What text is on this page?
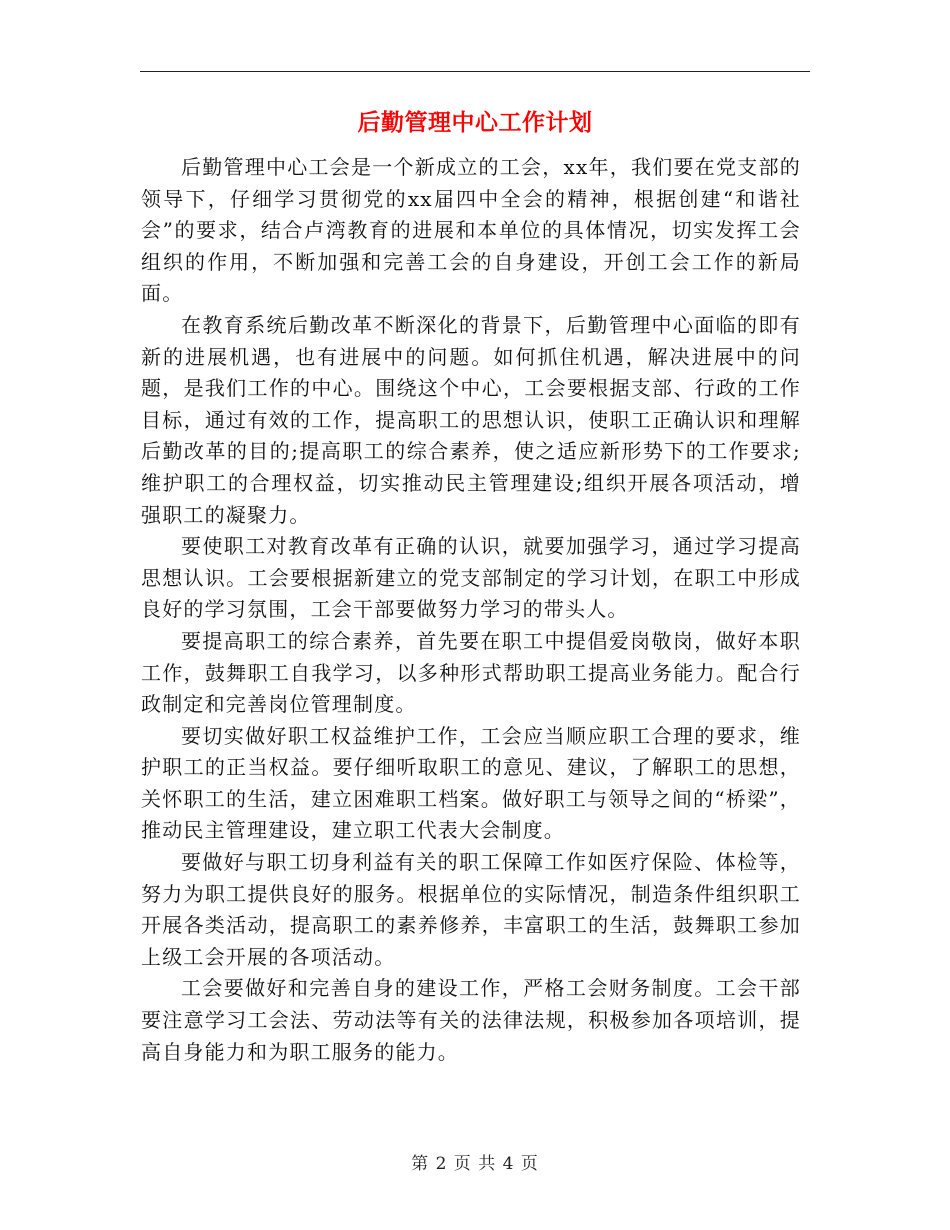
后勤管理中心工作计划

后勤管理中心工会是一个新成立的工会，xx年，我们要在党支部的领导下，仔细学习贯彻党的xx届四中全会的精神，根据创建“和谐社会”的要求，结合卢湾教育的进展和本单位的具体情况，切实发挥工会组织的作用，不断加强和完善工会的自身建设，开创工会工作的新局面。

在教育系统后勤改革不断深化的背景下，后勤管理中心面临的即有新的进展机遇，也有进展中的问题。如何抓住机遇，解决进展中的问题，是我们工作的中心。围绕这个中心，工会要根据支部、行政的工作目标，通过有效的工作，提高职工的思想认识，使职工正确认识和理解后勤改革的目的;提高职工的综合素养，使之适应新形势下的工作要求;维护职工的合理权益，切实推动民主管理建设;组织开展各项活动，增强职工的凝聚力。

要使职工对教育改革有正确的认识，就要加强学习，通过学习提高思想认识。工会要根据新建立的党支部制定的学习计划，在职工中形成良好的学习氛围，工会干部要做努力学习的带头人。

要提高职工的综合素养，首先要在职工中提倡爱岗敬岗，做好本职工作，鼓舞职工自我学习，以多种形式帮助职工提高业务能力。配合行政制定和完善岗位管理制度。

要切实做好职工权益维护工作，工会应当顺应职工合理的要求，维护职工的正当权益。要仔细听取职工的意见、建议，了解职工的思想，关怀职工的生活，建立困难职工档案。做好职工与领导之间的“桥梁”，推动民主管理建设，建立职工代表大会制度。

要做好与职工切身利益有关的职工保障工作如医疗保险、体检等，努力为职工提供良好的服务。根据单位的实际情况，制造条件组织职工开展各类活动，提高职工的素养修养，丰富职工的生活，鼓舞职工参加上级工会开展的各项活动。

工会要做好和完善自身的建设工作，严格工会财务制度。工会干部要注意学习工会法、劳动法等有关的法律法规，积极参加各项培训，提高自身能力和为职工服务的能力。

第 2 页 共 4 页
